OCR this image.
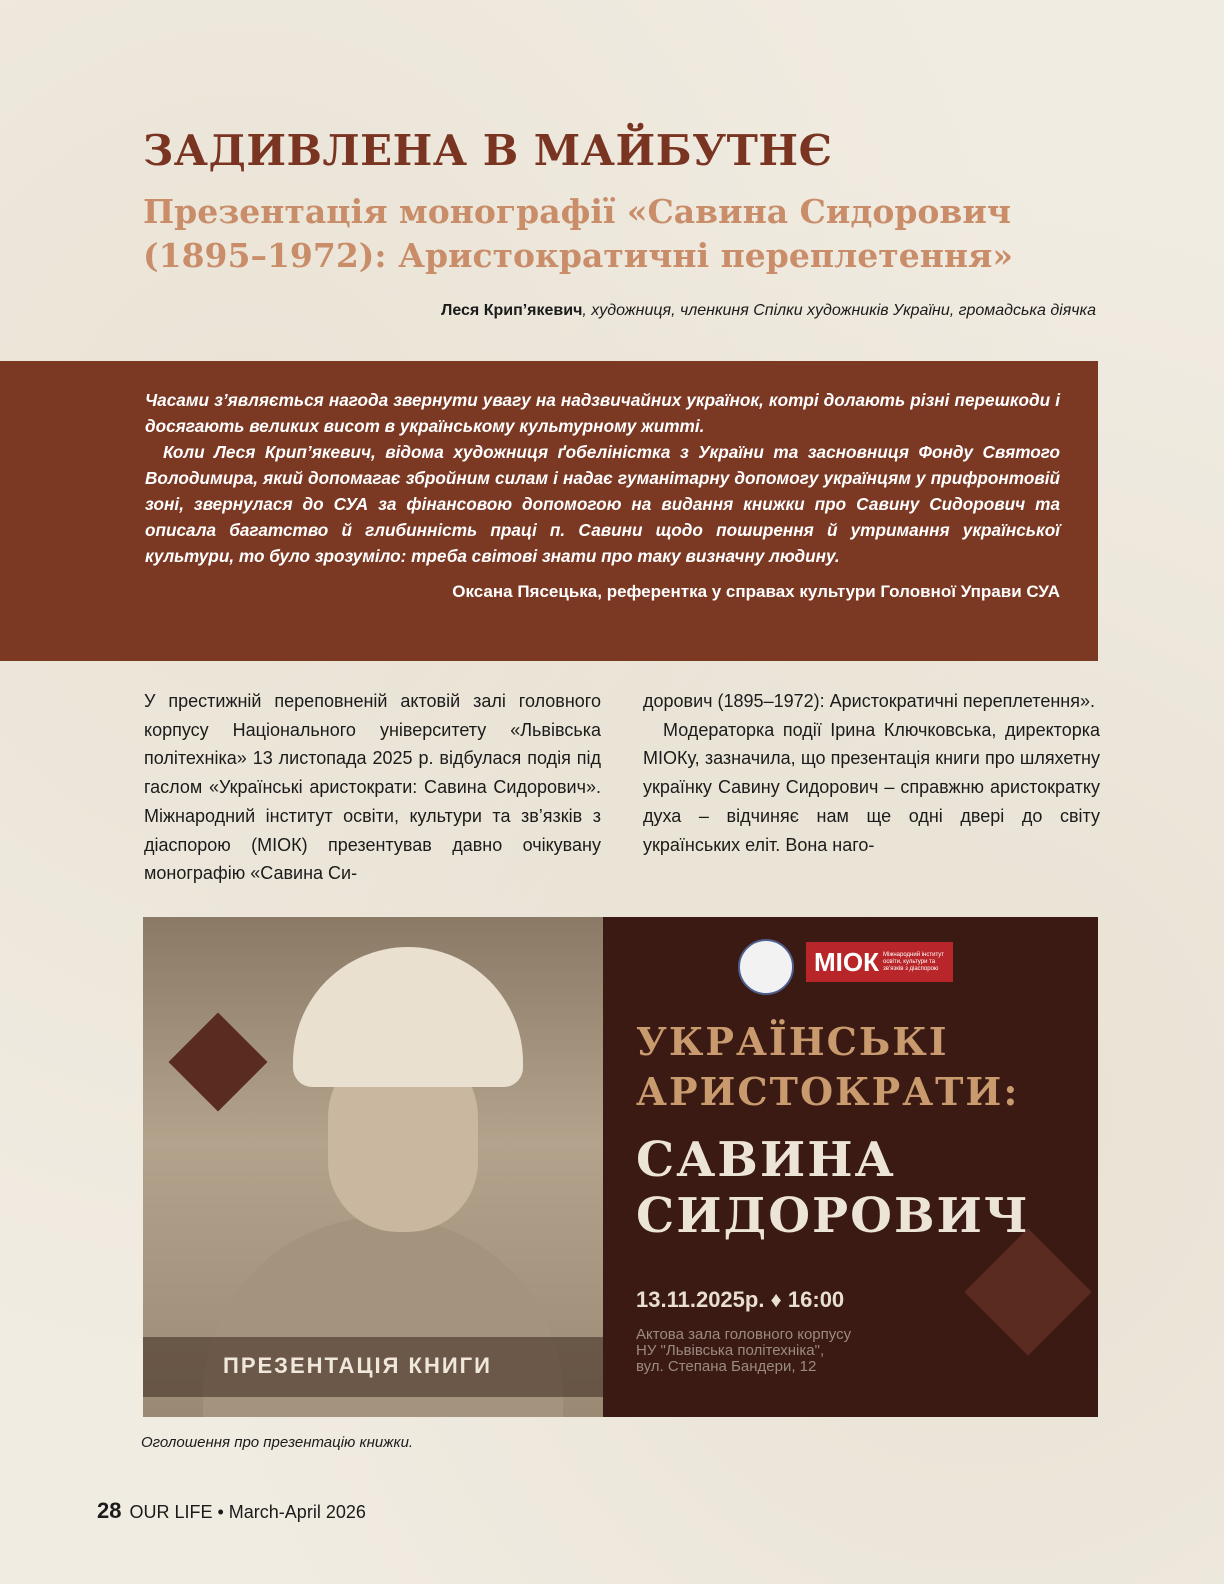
ЗАДИВЛЕНА В МАЙБУТНЄ
Презентація монографії «Савина Сидорович (1895–1972): Аристократичні переплетення»
Леся Крип’якевич, художниця, членкиня Спілки художників України, громадська діячка

Часами з’являється нагода звернути увагу на надзвичайних українок, котрі долають різні перешкоди і досягають великих висот в українському культурному житті.

Коли Леся Крип’якевич, відома художниця ґобеліністка з України та засновниця Фонду Святого Володимира, який допомагає збройним силам і надає гуманітарну допомогу українцям у прифронтовій зоні, звернулася до СУА за фінансовою допомогою на видання книжки про Савину Сидорович та описала багатство й глибинність праці п. Савини щодо поширення й утримання української культури, то було зрозуміло: треба світові знати про таку визначну людину.

Оксана Пясецька, референтка у справах культури Головної Управи СУА

У престижній переповненій актовій залі головного корпусу Національного університету «Львівська політехніка» 13 листопада 2025 р. відбулася подія під гаслом «Українські аристократи: Савина Сидорович». Міжнародний інститут освіти, культури та зв’язків з діаспорою (МІОК) презентував давно очікувану монографію «Савина Си-

дорович (1895–1972): Аристократичні переплетення».

Модераторка події Ірина Ключковська, директорка МІОКу, зазначила, що презентація книги про шляхетну українку Савину Сидорович – справжню аристократку духа – відчиняє нам ще одні двері до світу українських еліт. Вона наго-

ПРЕЗЕНТАЦІЯ КНИГИ
МІОК Міжнародний інститут освіти, культури та зв’язків з діаспорою
УКРАЇНСЬКІ
АРИСТОКРАТИ:
САВИНА
СИДОРОВИЧ
13.11.2025р. ♦ 16:00
Актова зала головного корпусу
НУ "Львівська політехніка",
вул. Степана Бандери, 12
Оголошення про презентацію книжки.
28 OUR LIFE • March-April 2026
